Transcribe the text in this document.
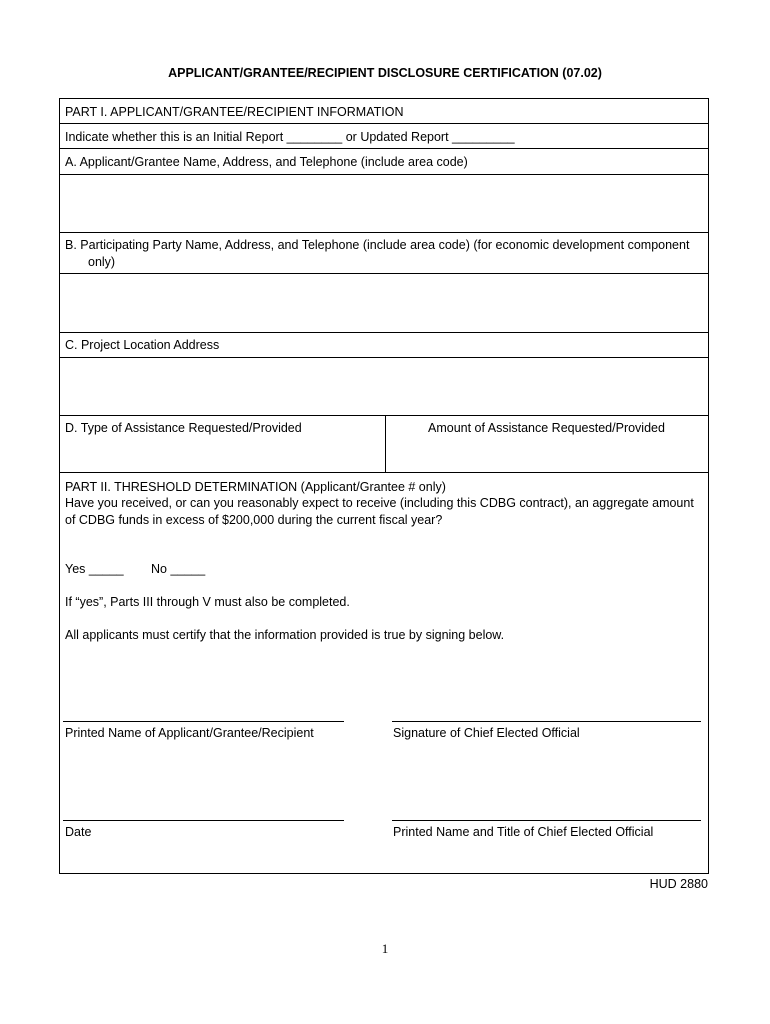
APPLICANT/GRANTEE/RECIPIENT DISCLOSURE CERTIFICATION (07.02)
PART I. APPLICANT/GRANTEE/RECIPIENT INFORMATION
Indicate whether this is an Initial Report ________ or Updated Report _________
A. Applicant/Grantee Name, Address, and Telephone (include area code)
B. Participating Party Name, Address, and Telephone (include area code) (for economic development component
only)
C. Project Location Address
D. Type of Assistance Requested/Provided	Amount of Assistance Requested/Provided
PART II. THRESHOLD DETERMINATION (Applicant/Grantee # only)
Have you received, or can you reasonably expect to receive (including this CDBG contract), an aggregate amount
of CDBG funds in excess of $200,000 during the current fiscal year?
Yes _____ No _____
If “yes”, Parts III through V must also be completed.
All applicants must certify that the information provided is true by signing below.
Printed Name of Applicant/Grantee/Recipient	Signature of Chief Elected Official
Date	Printed Name and Title of Chief Elected Official
HUD 2880
1
